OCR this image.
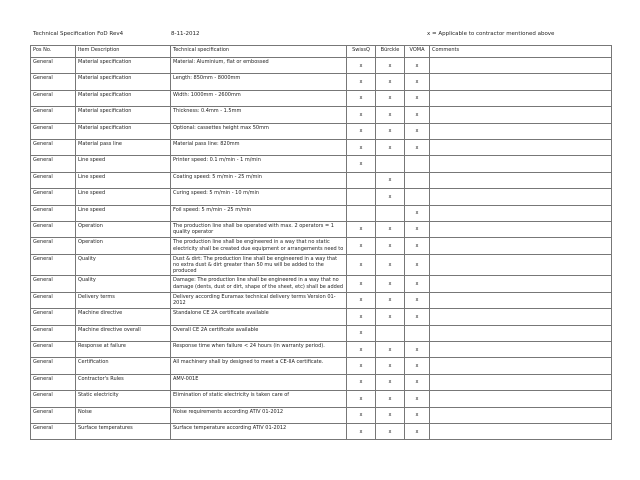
Technical Specification FoD Rev4	8-11-2012	x = Applicable to contractor mentioned above
Pos No.	Item Description	Technical specification	SwissQ	Bürckle	VOMA	Comments
General	Material specification	Material: Aluminium, flat or embossed	x	x	x	
General	Material specification	Length: 850mm - 8000mm	x	x	x	
General	Material specification	Width: 1000mm - 2600mm	x	x	x	
General	Material specification	Thickness: 0.4mm - 1.5mm	x	x	x	
General	Material specification	Optional: cassettes height max 50mm	x	x	x	
General	Material pass line	Material pass line: 820mm	x	x	x	
General	Line speed	Printer speed: 0.1 m/min - 1 m/min	x			
General	Line speed	Coating speed: 5 m/min - 25 m/min		x		
General	Line speed	Curing speed: 5 m/min - 10 m/min		x		
General	Line speed	Foil speed: 5 m/min - 25 m/min			x	
General	Operation	The production line shall be operated with max. 2 operators = 1 quality operator	x	x	x	
General	Operation	The production line shall be engineered in a way that no static electricity shall be created due equipment or arrangements need to	x	x	x	
General	Quality	Dust & dirt: The production line shall be engineered in a way that no extra dust & dirt greater than 50 mu will be added to the produced	x	x	x	
General	Quality	Damage: The production line shall be engineered in a way that no damage (dents, dust or dirt, shape of the sheet, etc) shall be added	x	x	x	
General	Delivery terms	Delivery according Euramax technical delivery terms Version 01-2012	x	x	x	
General	Machine directive	Standalone CE 2A certificate available	x	x	x	
General	Machine directive overall	Overall CE 2A certificate available	x			
General	Response at failure	Response time when failure < 24 hours (in warranty period).	x	x	x	
General	Certification	All machinery shall by designed to meet a CE-IIA certificate.	x	x	x	
General	Contractor's Rules	AMV-001E	x	x	x	
General	Static electricity	Elimination of static electricity is taken care of	x	x	x	
General	Noise	Noise requirements according ATIV 01-2012	x	x	x	
General	Surface temperatures	Surface temperature according ATIV 01-2012	x	x	x	
